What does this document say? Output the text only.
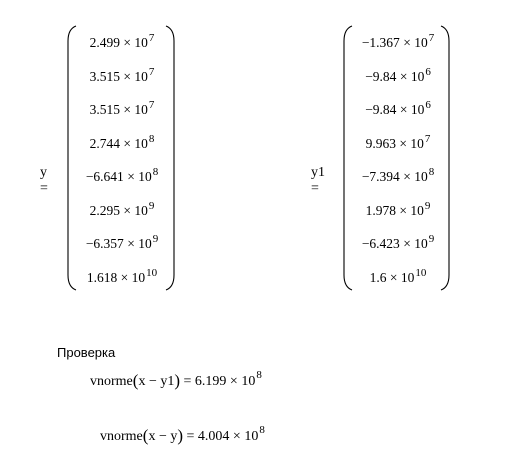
y =
$2.499 \times 10^7$
$3.515 \times 10^7$
$3.515 \times 10^7$
$2.744 \times 10^8$
$-6.641 \times 10^8$
$2.295 \times 10^9$
$-6.357 \times 10^9$
$1.618 \times 10^{10}$
y1 =
$-1.367 \times 10^7$
$-9.84 \times 10^6$
$-9.84 \times 10^6$
$9.963 \times 10^7$
$-7.394 \times 10^8$
$1.978 \times 10^9$
$-6.423 \times 10^9$
$1.6 \times 10^{10}$
Проверка
vnorme(x − $y1) = 6.199 \times 10^8$
vnorme(x − $y) = 4.004 \times 10^8$
